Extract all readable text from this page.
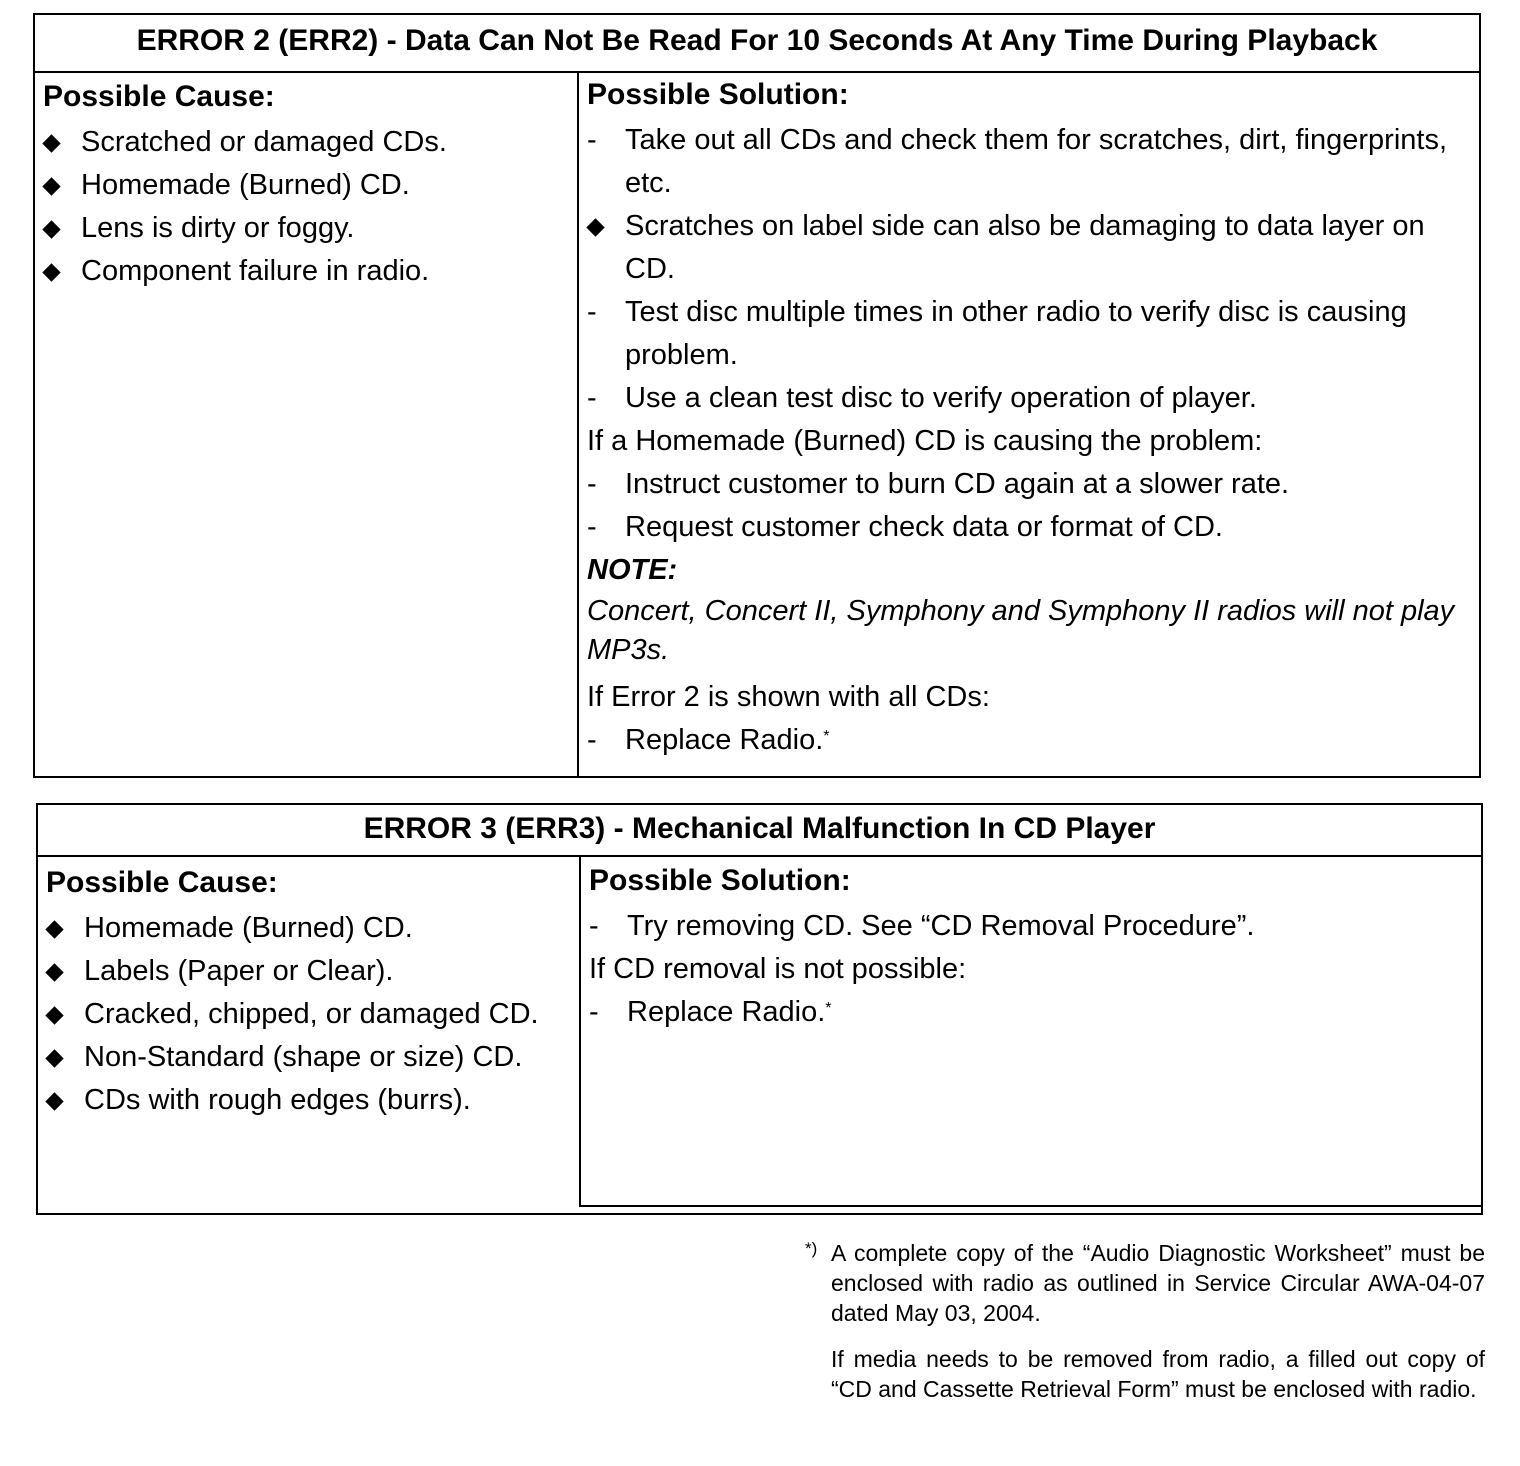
ERROR 2 (ERR2) - Data Can Not Be Read For 10 Seconds At Any Time During Playback
Possible Cause:
Scratched or damaged CDs.
Homemade (Burned) CD.
Lens is dirty or foggy.
Component failure in radio.
Possible Solution:
- Take out all CDs and check them for scratches, dirt, fingerprints, etc.
Scratches on label side can also be damaging to data layer on CD.
- Test disc multiple times in other radio to verify disc is causing problem.
- Use a clean test disc to verify operation of player.
If a Homemade (Burned) CD is causing the problem:
- Instruct customer to burn CD again at a slower rate.
- Request customer check data or format of CD.
NOTE:
Concert, Concert II, Symphony and Symphony II radios will not play MP3s.
If Error 2 is shown with all CDs:
- Replace Radio.*
ERROR 3 (ERR3) - Mechanical Malfunction In CD Player
Possible Cause:
Homemade (Burned) CD.
Labels (Paper or Clear).
Cracked, chipped, or damaged CD.
Non-Standard (shape or size) CD.
CDs with rough edges (burrs).
Possible Solution:
- Try removing CD. See “CD Removal Procedure”.
If CD removal is not possible:
- Replace Radio.*
*) A complete copy of the “Audio Diagnostic Worksheet” must be enclosed with radio as outlined in Service Circular AWA-04-07 dated May 03, 2004.
If media needs to be removed from radio, a filled out copy of “CD and Cassette Retrieval Form” must be enclosed with radio.
